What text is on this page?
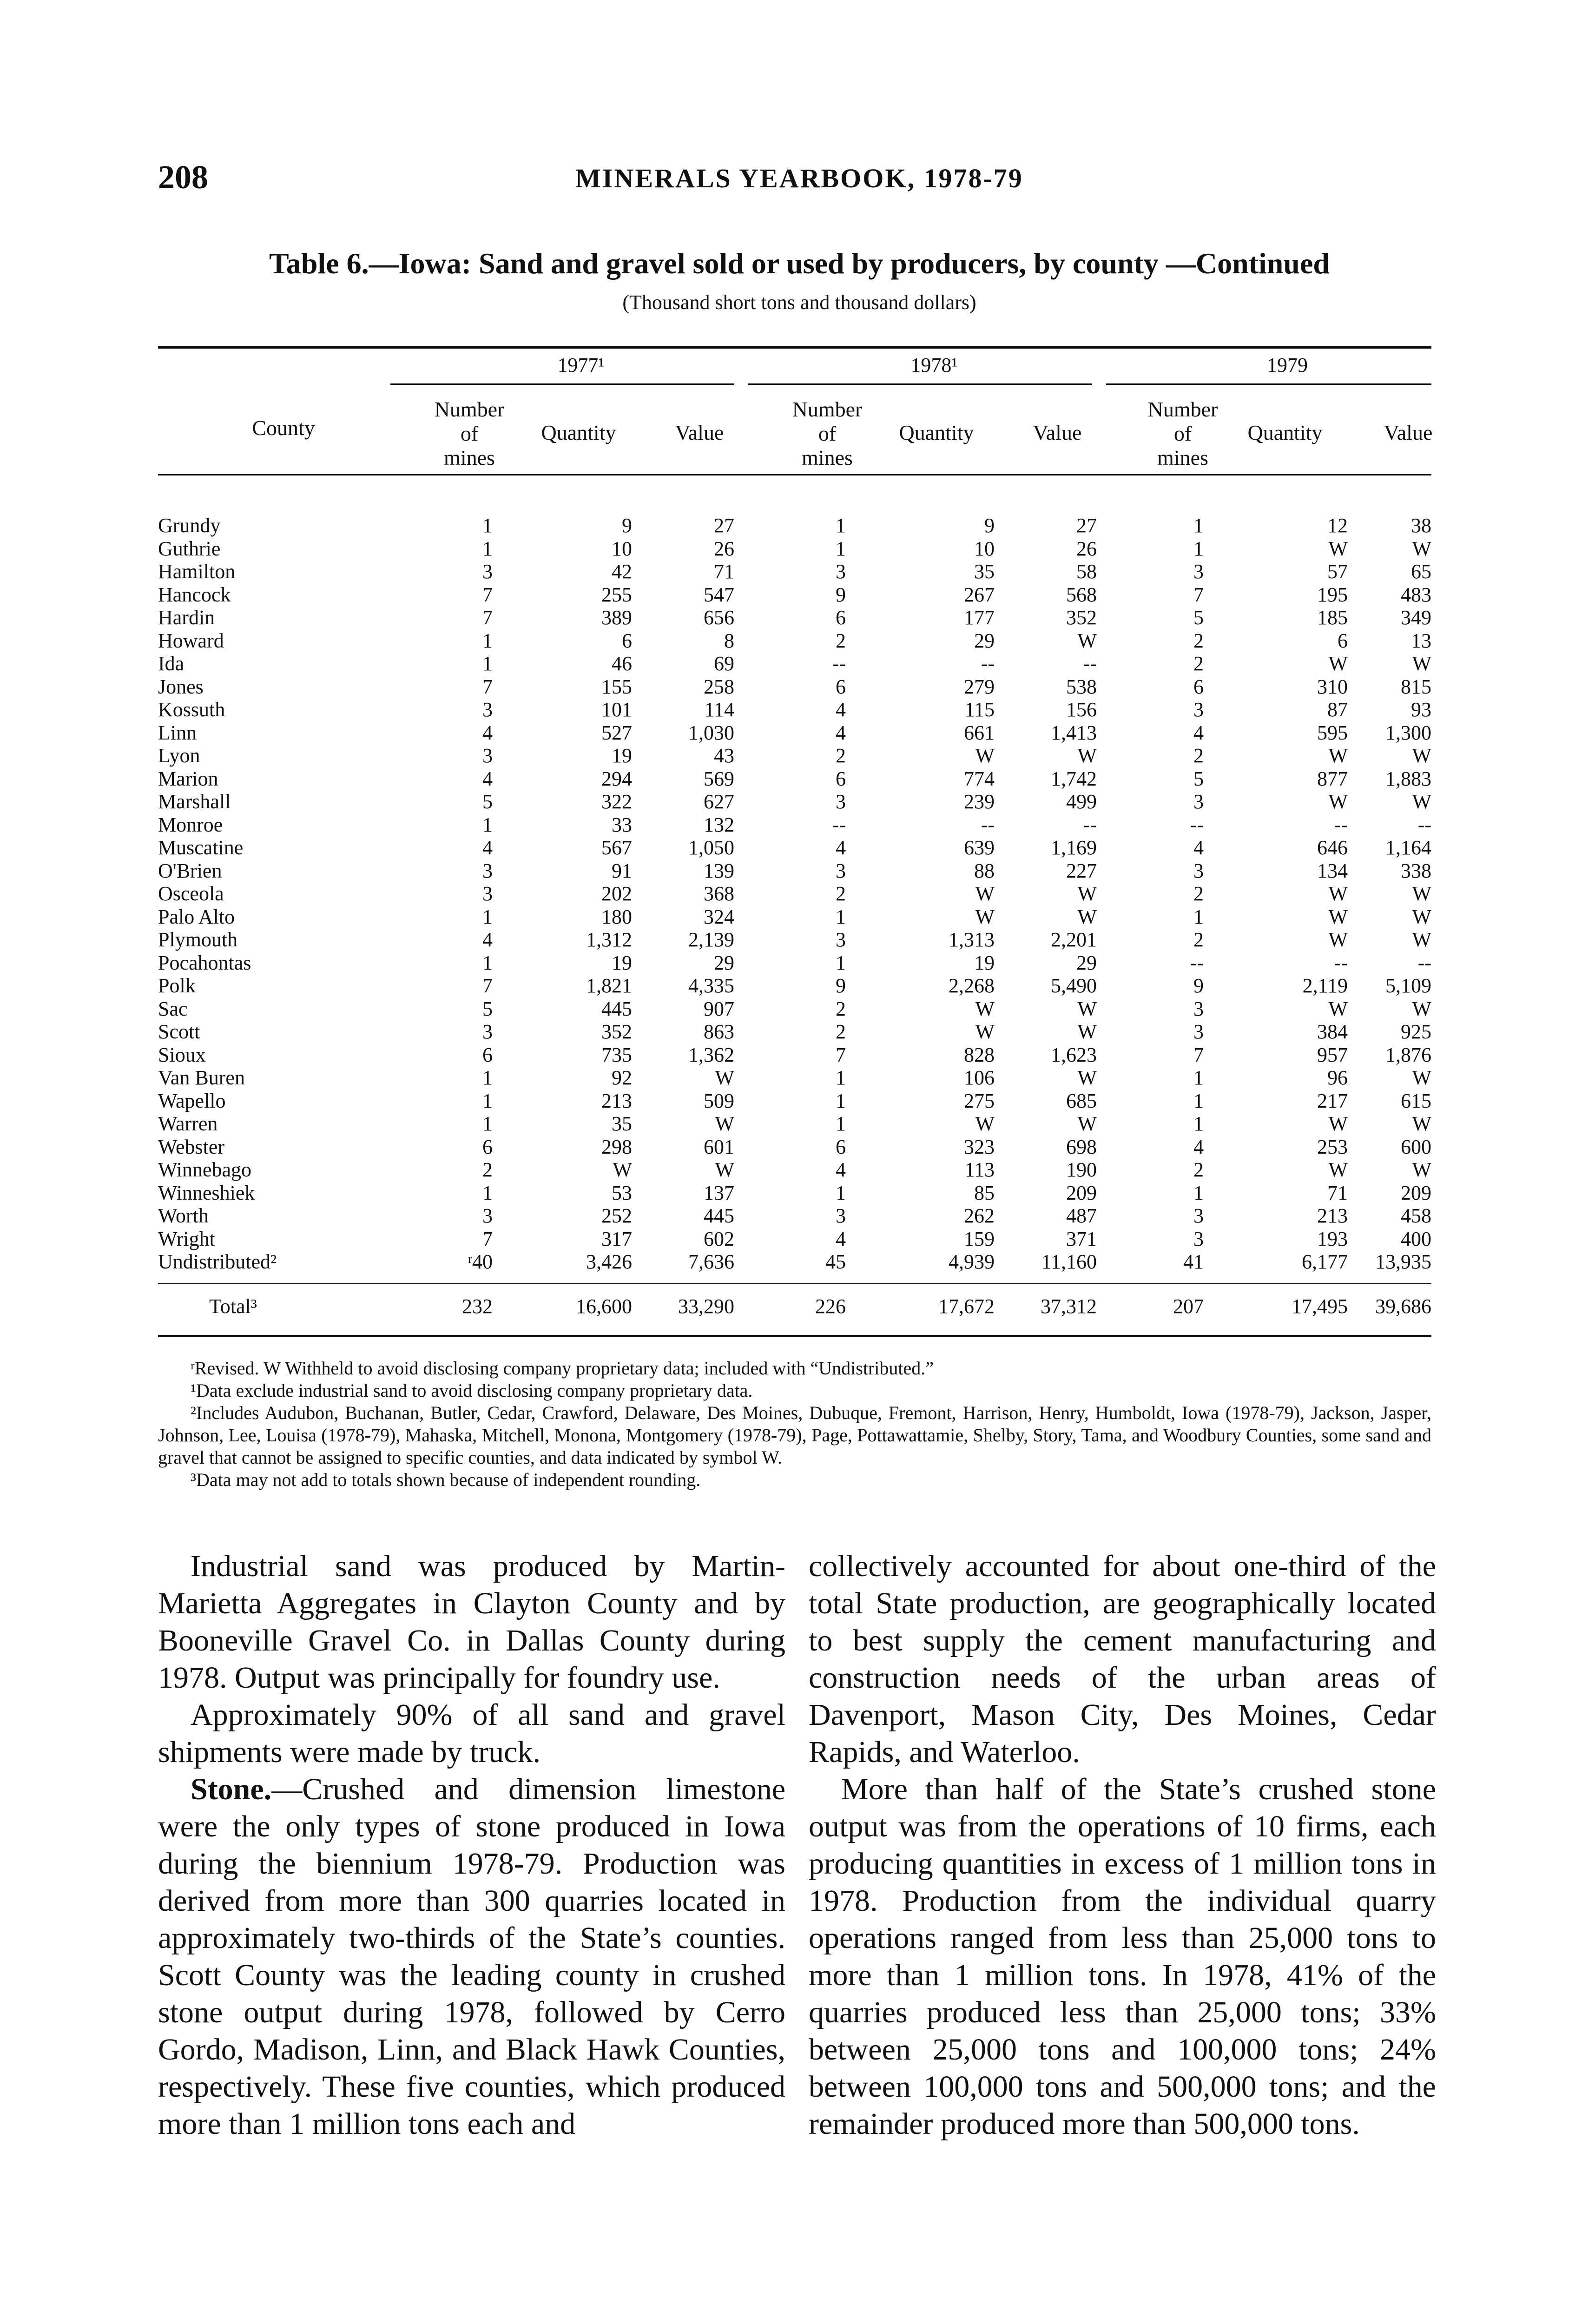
208	MINERALS YEARBOOK, 1978-79
Table 6.—Iowa: Sand and gravel sold or used by producers, by county —Continued
(Thousand short tons and thousand dollars)
1977¹	1978¹	1979
County
Number
of
mines
Quantity	Value
Number
of
mines
Quantity	Value
Number
of
mines
Quantity	Value
Grundy	1	9	27	1	9	27	1	12	38
Guthrie	1	10	26	1	10	26	1	W	W
Hamilton	3	42	71	3	35	58	3	57	65
Hancock	7	255	547	9	267	568	7	195	483
Hardin	7	389	656	6	177	352	5	185	349
Howard	1	6	8	2	29	W	2	6	13
Ida	1	46	69	--	--	--	2	W	W
Jones	7	155	258	6	279	538	6	310	815
Kossuth	3	101	114	4	115	156	3	87	93
Linn	4	527	1,030	4	661	1,413	4	595	1,300
Lyon	3	19	43	2	W	W	2	W	W
Marion	4	294	569	6	774	1,742	5	877	1,883
Marshall	5	322	627	3	239	499	3	W	W
Monroe	1	33	132	--	--	--	--	--	--
Muscatine	4	567	1,050	4	639	1,169	4	646	1,164
O'Brien	3	91	139	3	88	227	3	134	338
Osceola	3	202	368	2	W	W	2	W	W
Palo Alto	1	180	324	1	W	W	1	W	W
Plymouth	4	1,312	2,139	3	1,313	2,201	2	W	W
Pocahontas	1	19	29	1	19	29	--	--	--
Polk	7	1,821	4,335	9	2,268	5,490	9	2,119	5,109
Sac	5	445	907	2	W	W	3	W	W
Scott	3	352	863	2	W	W	3	384	925
Sioux	6	735	1,362	7	828	1,623	7	957	1,876
Van Buren	1	92	W	1	106	W	1	96	W
Wapello	1	213	509	1	275	685	1	217	615
Warren	1	35	W	1	W	W	1	W	W
Webster	6	298	601	6	323	698	4	253	600
Winnebago	2	W	W	4	113	190	2	W	W
Winneshiek	1	53	137	1	85	209	1	71	209
Worth	3	252	445	3	262	487	3	213	458
Wright	7	317	602	4	159	371	3	193	400
Undistributed²	ʳ40	3,426	7,636	45	4,939	11,160	41	6,177	13,935
Total³	232	16,600	33,290	226	17,672	37,312	207	17,495	39,686

ʳRevised. W Withheld to avoid disclosing company proprietary data; included with “Undistributed.”

¹Data exclude industrial sand to avoid disclosing company proprietary data.

²Includes Audubon, Buchanan, Butler, Cedar, Crawford, Delaware, Des Moines, Dubuque, Fremont, Harrison, Henry, Humboldt, Iowa (1978-79), Jackson, Jasper, Johnson, Lee, Louisa (1978-79), Mahaska, Mitchell, Monona, Montgomery (1978-79), Page, Pottawattamie, Shelby, Story, Tama, and Woodbury Counties, some sand and gravel that cannot be assigned to specific counties, and data indicated by symbol W.

³Data may not add to totals shown because of independent rounding.

Industrial sand was produced by Martin-Marietta Aggregates in Clayton County and by Booneville Gravel Co. in Dallas County during 1978. Output was principally for foundry use.

Approximately 90% of all sand and gravel shipments were made by truck.

Stone.—Crushed and dimension limestone were the only types of stone produced in Iowa during the biennium 1978-79. Production was derived from more than 300 quarries located in approximately two-thirds of the State’s counties. Scott County was the leading county in crushed stone output during 1978, followed by Cerro Gordo, Madison, Linn, and Black Hawk Counties, respectively. These five counties, which produced more than 1 million tons each and

collectively accounted for about one-third of the total State production, are geographically located to best supply the cement manufacturing and construction needs of the urban areas of Davenport, Mason City, Des Moines, Cedar Rapids, and Waterloo.

More than half of the State’s crushed stone output was from the operations of 10 firms, each producing quantities in excess of 1 million tons in 1978. Production from the individual quarry operations ranged from less than 25,000 tons to more than 1 million tons. In 1978, 41% of the quarries produced less than 25,000 tons; 33% between 25,000 tons and 100,000 tons; 24% between 100,000 tons and 500,000 tons; and the remainder produced more than 500,000 tons.
